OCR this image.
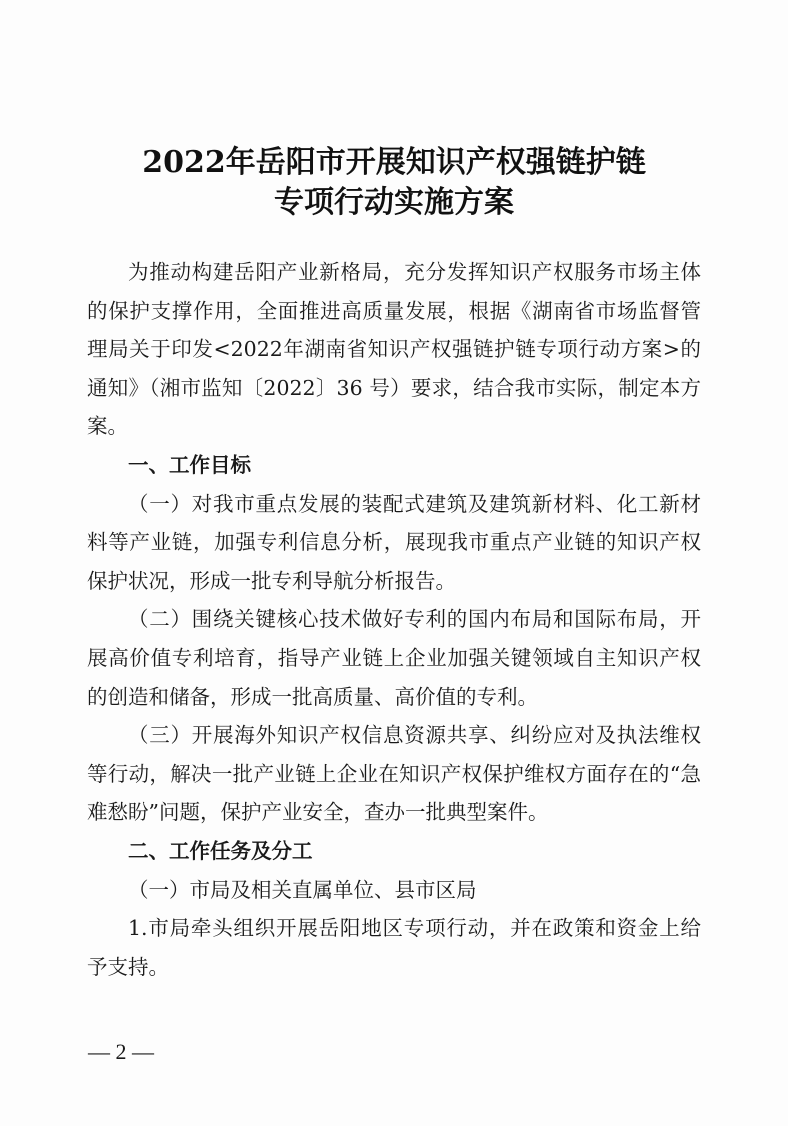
2022年岳阳市开展知识产权强链护链
专项行动实施方案

为推动构建岳阳产业新格局，充分发挥知识产权服务市场主体的保护支撑作用，全面推进高质量发展，根据《湖南省市场监督管理局关于印发<2022年湖南省知识产权强链护链专项行动方案>的通知》（湘市监知〔2022〕36 号）要求，结合我市实际，制定本方案。

一、工作目标

（一）对我市重点发展的装配式建筑及建筑新材料、化工新材料等产业链，加强专利信息分析，展现我市重点产业链的知识产权保护状况，形成一批专利导航分析报告。

（二）围绕关键核心技术做好专利的国内布局和国际布局，开展高价值专利培育，指导产业链上企业加强关键领域自主知识产权的创造和储备，形成一批高质量、高价值的专利。

（三）开展海外知识产权信息资源共享、纠纷应对及执法维权等行动，解决一批产业链上企业在知识产权保护维权方面存在的“急难愁盼”问题，保护产业安全，查办一批典型案件。

二、工作任务及分工

（一）市局及相关直属单位、县市区局

1.市局牵头组织开展岳阳地区专项行动，并在政策和资金上给予支持。

— 2 —
